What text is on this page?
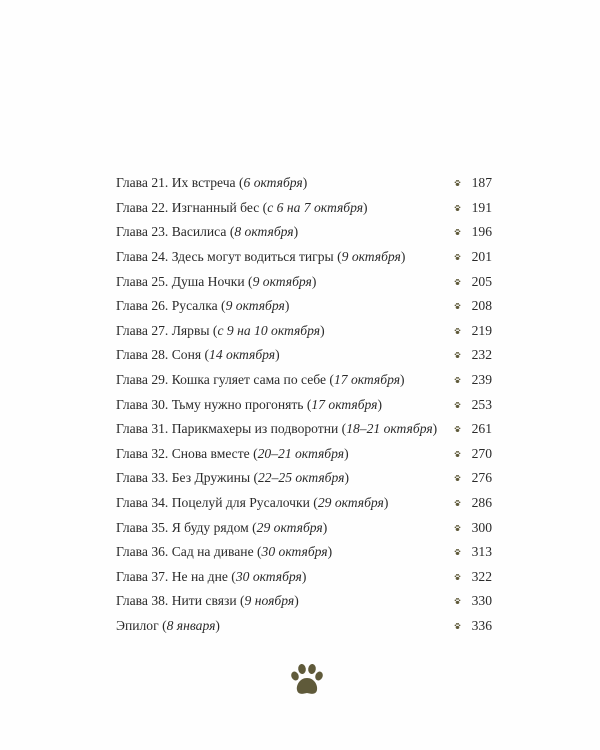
Глава 21. Их встреча (6 октября)	187
Глава 22. Изгнанный бес (с 6 на 7 октября)	191
Глава 23. Василиса (8 октября)	196
Глава 24. Здесь могут водиться тигры (9 октября)	201
Глава 25. Душа Ночки (9 октября)	205
Глава 26. Русалка (9 октября)	208
Глава 27. Лярвы (с 9 на 10 октября)	219
Глава 28. Соня (14 октября)	232
Глава 29. Кошка гуляет сама по себе (17 октября)	239
Глава 30. Тьму нужно прогонять (17 октября)	253
Глава 31. Парикмахеры из подворотни (18–21 октября)	261
Глава 32. Снова вместе (20–21 октября)	270
Глава 33. Без Дружины (22–25 октября)	276
Глава 34. Поцелуй для Русалочки (29 октября)	286
Глава 35. Я буду рядом (29 октября)	300
Глава 36. Сад на диване (30 октября)	313
Глава 37. Не на дне (30 октября)	322
Глава 38. Нити связи (9 ноября)	330
Эпилог (8 января)	336
